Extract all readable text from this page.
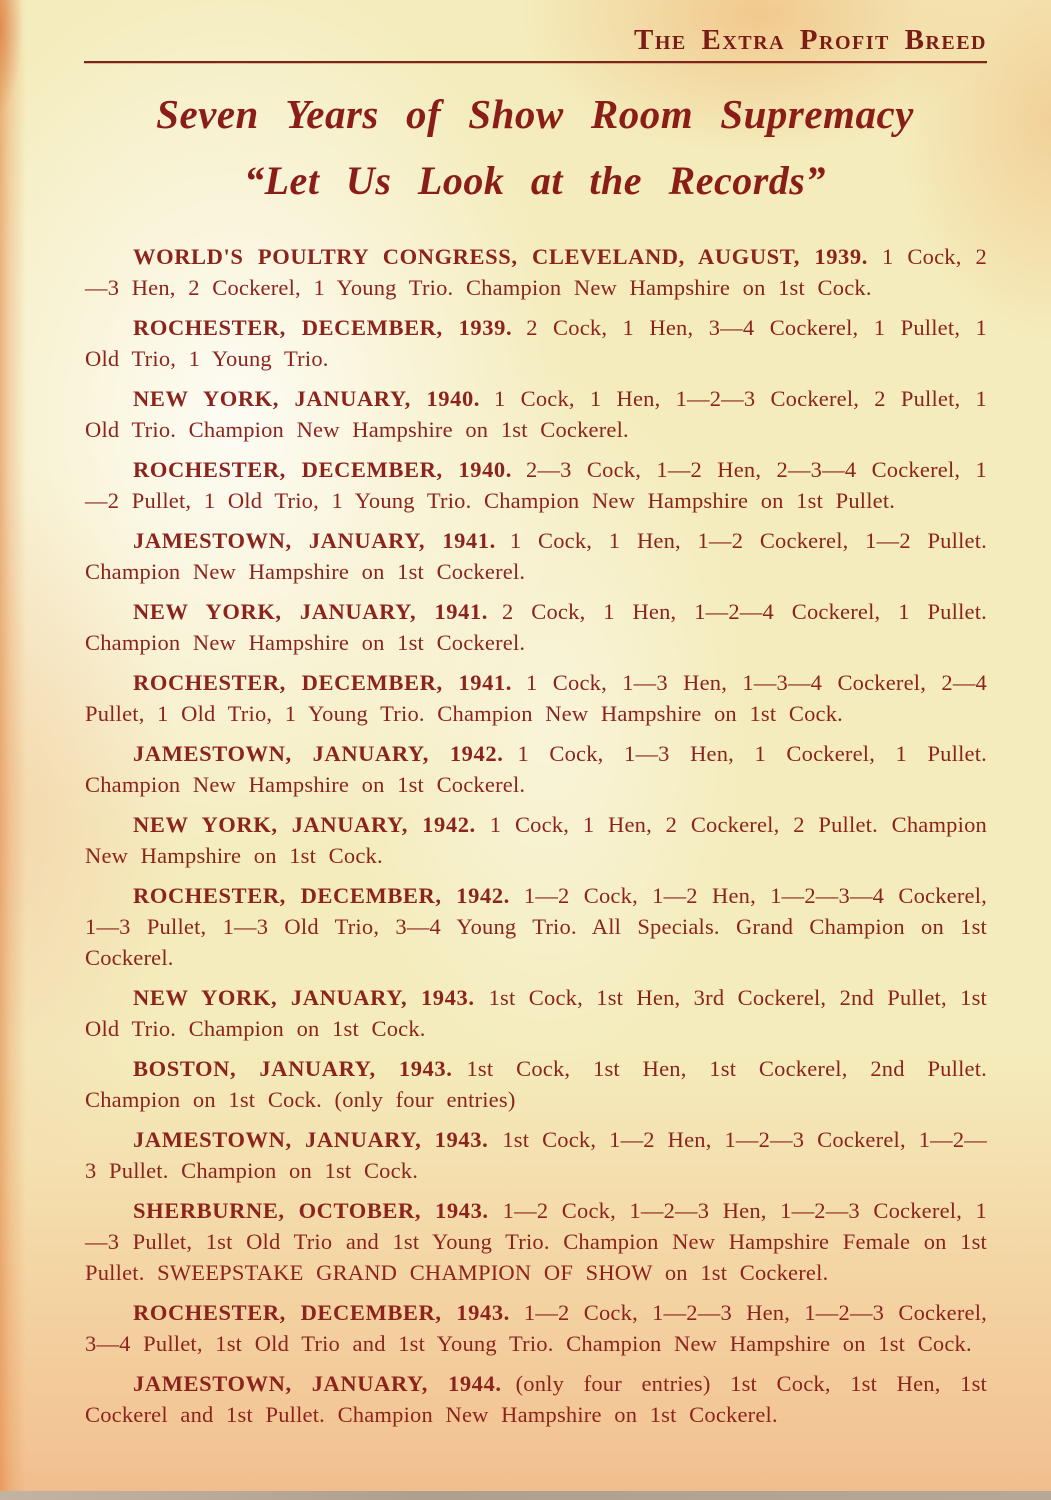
The Extra Profit Breed
Seven Years of Show Room Supremacy
“Let Us Look at the Records”

WORLD'S POULTRY CONGRESS, CLEVELAND, AUGUST, 1939. 1 Cock, 2—3 Hen, 2 Cockerel, 1 Young Trio. Champion New Hampshire on 1st Cock.

ROCHESTER, DECEMBER, 1939. 2 Cock, 1 Hen, 3—4 Cockerel, 1 Pullet, 1 Old Trio, 1 Young Trio.

NEW YORK, JANUARY, 1940. 1 Cock, 1 Hen, 1—2—3 Cockerel, 2 Pullet, 1 Old Trio. Champion New Hampshire on 1st Cockerel.

ROCHESTER, DECEMBER, 1940. 2—3 Cock, 1—2 Hen, 2—3—4 Cockerel, 1—2 Pullet, 1 Old Trio, 1 Young Trio. Champion New Hampshire on 1st Pullet.

JAMESTOWN, JANUARY, 1941. 1 Cock, 1 Hen, 1—2 Cockerel, 1—2 Pullet. Champion New Hampshire on 1st Cockerel.

NEW YORK, JANUARY, 1941. 2 Cock, 1 Hen, 1—2—4 Cockerel, 1 Pullet. Champion New Hampshire on 1st Cockerel.

ROCHESTER, DECEMBER, 1941. 1 Cock, 1—3 Hen, 1—3—4 Cockerel, 2—4 Pullet, 1 Old Trio, 1 Young Trio. Champion New Hampshire on 1st Cock.

JAMESTOWN, JANUARY, 1942. 1 Cock, 1—3 Hen, 1 Cockerel, 1 Pullet. Champion New Hampshire on 1st Cockerel.

NEW YORK, JANUARY, 1942. 1 Cock, 1 Hen, 2 Cockerel, 2 Pullet. Champion New Hampshire on 1st Cock.

ROCHESTER, DECEMBER, 1942. 1—2 Cock, 1—2 Hen, 1—2—3—4 Cockerel, 1—3 Pullet, 1—3 Old Trio, 3—4 Young Trio. All Specials. Grand Champion on 1st Cockerel.

NEW YORK, JANUARY, 1943. 1st Cock, 1st Hen, 3rd Cockerel, 2nd Pullet, 1st Old Trio. Champion on 1st Cock.

BOSTON, JANUARY, 1943. 1st Cock, 1st Hen, 1st Cockerel, 2nd Pullet. Champion on 1st Cock. (only four entries)

JAMESTOWN, JANUARY, 1943. 1st Cock, 1—2 Hen, 1—2—3 Cockerel, 1—2—3 Pullet. Champion on 1st Cock.

SHERBURNE, OCTOBER, 1943. 1—2 Cock, 1—2—3 Hen, 1—2—3 Cockerel, 1—3 Pullet, 1st Old Trio and 1st Young Trio. Champion New Hampshire Female on 1st Pullet. SWEEPSTAKE GRAND CHAMPION OF SHOW on 1st Cockerel.

ROCHESTER, DECEMBER, 1943. 1—2 Cock, 1—2—3 Hen, 1—2—3 Cockerel, 3—4 Pullet, 1st Old Trio and 1st Young Trio. Champion New Hampshire on 1st Cock.

JAMESTOWN, JANUARY, 1944. (only four entries) 1st Cock, 1st Hen, 1st Cockerel and 1st Pullet. Champion New Hampshire on 1st Cockerel.
